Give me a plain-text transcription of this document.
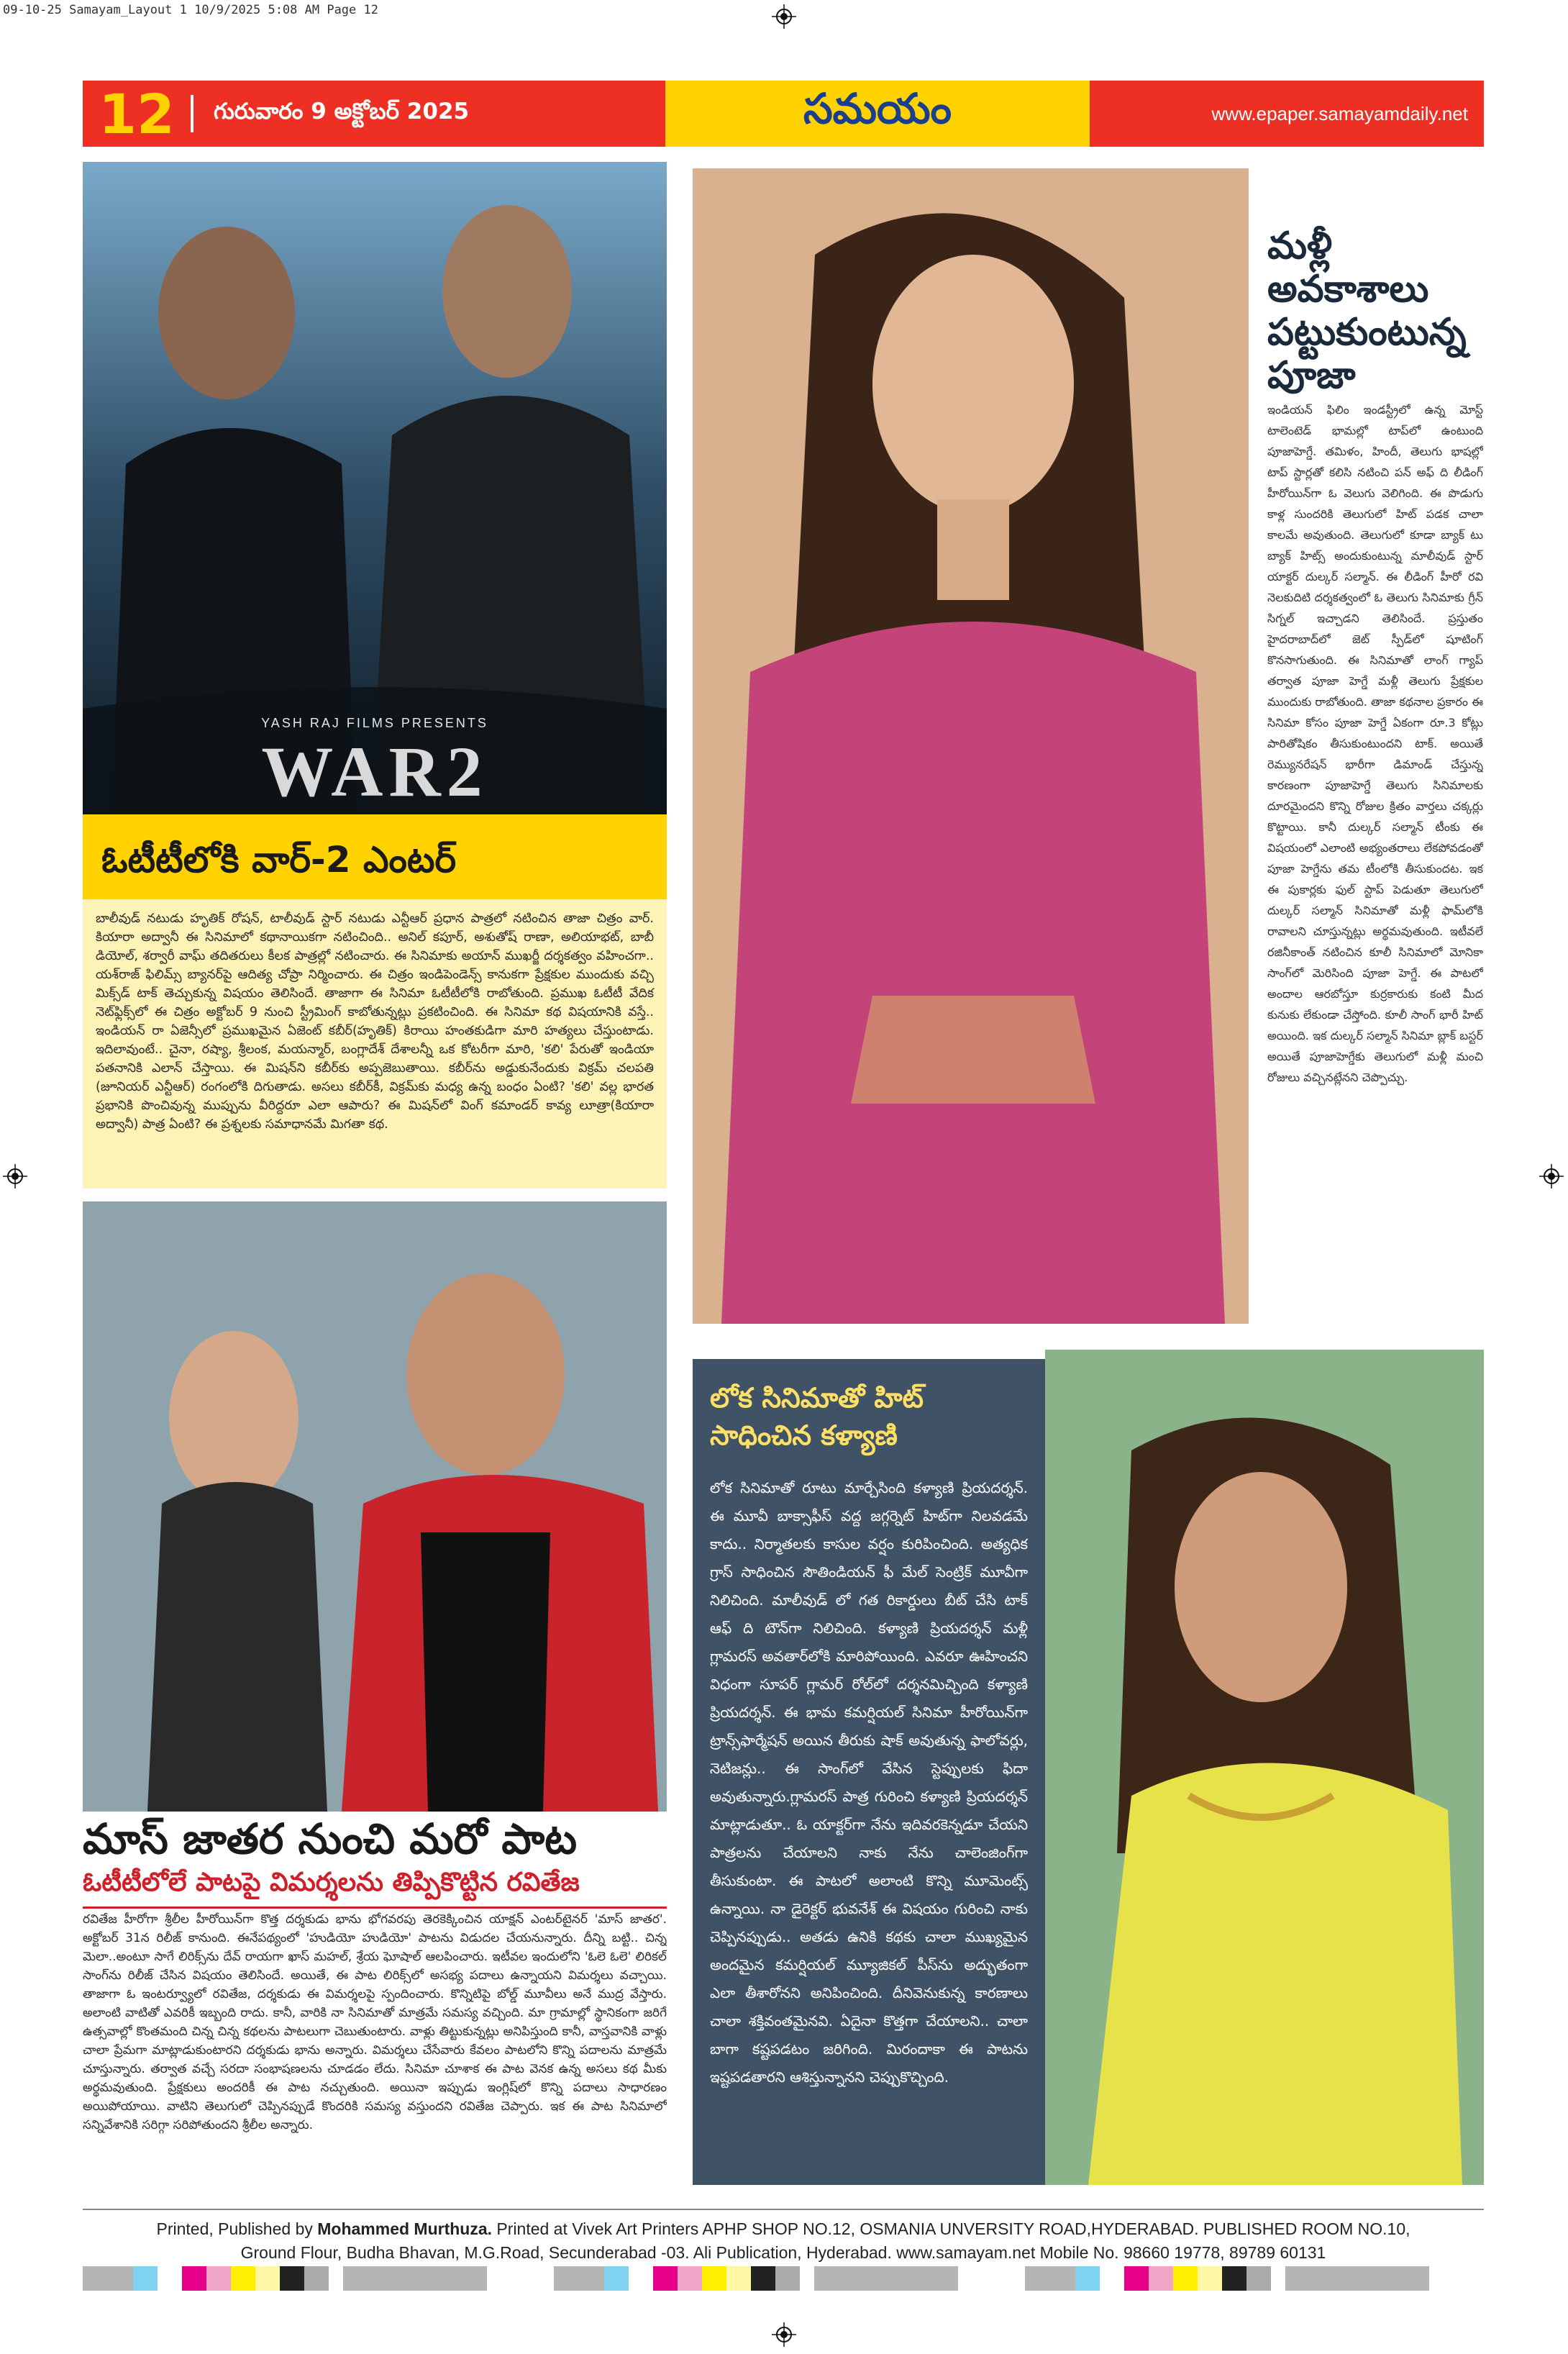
09-10-25 Samayam_Layout 1 10/9/2025 5:08 AM Page 12
12	గురువారం 9 అక్టోబర్ 2025	సమయం	www.epaper.samayamdaily.net
YASH RAJ FILMS PRESENTS
WAR2
ఓటీటీలోకి వార్-2 ఎంటర్
బాలీవుడ్ నటుడు హృతిక్ రోషన్, టాలీవుడ్ స్టార్ నటుడు ఎన్టీఆర్ ప్రధాన పాత్రలో నటించిన తాజా చిత్రం వార్. కియారా అద్వానీ ఈ సినిమాలో కథానాయికగా నటించింది.. అనిల్ కపూర్, అశుతోష్ రాణా, అలియాభట్, బాబీ డియోల్, శర్వారీ వాఘ్ తదితరులు కీలక పాత్రల్లో నటించారు. ఈ సినిమాకు అయాన్ ముఖర్జీ దర్శకత్వం వహించగా.. యశ్‌రాజ్ ఫిలిమ్స్ బ్యానర్‌పై ఆదిత్య చోప్రా నిర్మించారు. ఈ చిత్రం ఇండిపెండెన్స్ కానుకగా ప్రేక్షకుల ముందుకు వచ్చి మిక్స్‌డ్ టాక్ తెచ్చుకున్న విషయం తెలిసిందే. తాజాగా ఈ సినిమా ఓటీటీలోకి రాబోతుంది. ప్రముఖ ఓటీటీ వేదిక నెట్‌ఫ్లిక్స్‌లో ఈ చిత్రం అక్టోబర్ 9 నుంచి స్ట్రీమింగ్ కాబోతున్నట్లు ప్రకటించింది. ఈ సినిమా కథ విషయానికి వస్తే.. ఇండియన్ రా ఏజెన్సీలో ప్రముఖమైన ఏజెంట్ కబీర్(హృతిక్) కిరాయి హంతకుడిగా మారి హత్యలు చేస్తుంటాడు. ఇదిలావుంటే.. చైనా, రష్యా, శ్రీలంక, మయన్మార్, బంగ్లాదేశ్ దేశాలన్నీ ఒక కోటరీగా మారి, 'కలి' పేరుతో ఇండియా పతనానికి ఎలాన్ చేస్తాయి. ఈ మిషన్‌ని కబీర్‌కు అప్పజెబుతాయి. కబీర్‌ను అడ్డుకునేందుకు విక్రమ్ చలపతి (జూనియర్ ఎన్టీఆర్) రంగంలోకి దిగుతాడు. అసలు కబీర్‌కీ, విక్రమ్‌కు మధ్య ఉన్న బంధం ఏంటి? 'కలి' వల్ల భారత ప్రభానికి పొంచివున్న ముప్పును వీరిద్దరూ ఎలా ఆపారు? ఈ మిషన్‌లో వింగ్ కమాండర్ కావ్య లూత్రా(కియారా అద్వానీ) పాత్ర ఏంటి? ఈ ప్రశ్నలకు సమాధానమే మిగతా కథ.
మళ్లీ అవకాశాలు పట్టుకుంటున్న పూజా
ఇండియన్ ఫిలిం ఇండస్ట్రీలో ఉన్న మోస్ట్ టాలెంటెడ్ భామల్లో టాప్‌లో ఉంటుంది పూజాహెగ్డే. తమిళం, హిందీ, తెలుగు భాషల్లో టాప్ స్టార్లతో కలిసి నటించి పన్ అఫ్ ది లీడింగ్ హీరోయిన్‌గా ఓ వెలుగు వెలిగింది. ఈ పొడుగు కాళ్ల సుందరికి తెలుగులో హిట్ పడక చాలా కాలమే అవుతుంది. తెలుగులో కూడా బ్యాక్ టు బ్యాక్ హిట్స్ అందుకుంటున్న మాలీవుడ్ స్టార్ యాక్టర్ దుల్కర్ సల్మాన్. ఈ లీడింగ్ హీరో రవి నెలకుదిటి దర్శకత్వంలో ఓ తెలుగు సినిమాకు గ్రీన్ సిగ్నల్ ఇచ్చాడని తెలిసిందే. ప్రస్తుతం హైదరాబాద్‌లో జెట్ స్పీడ్‌లో షూటింగ్ కొనసాగుతుంది. ఈ సినిమాతో లాంగ్ గ్యాప్ తర్వాత పూజా హెగ్డే మళ్లీ తెలుగు ప్రేక్షకుల ముందుకు రాబోతుంది. తాజా కథనాల ప్రకారం ఈ సినిమా కోసం పూజా హెగ్డే ఏకంగా రూ.3 కోట్లు పారితోషికం తీసుకుంటుందని టాక్. అయితే రెమ్యునరేషన్ భారీగా డిమాండ్ చేస్తున్న కారణంగా పూజాహెగ్డే తెలుగు సినిమాలకు దూరమైందని కొన్ని రోజుల క్రితం వార్తలు చక్కర్లు కొట్టాయి. కానీ దుల్కర్ సల్మాన్ టీంకు ఈ విషయంలో ఎలాంటి అభ్యంతరాలు లేకపోవడంతో పూజా హెగ్డేను తమ టీంలోకి తీసుకుందట. ఇక ఈ పుకార్లకు ఫుల్ స్టాప్ పెడుతూ తెలుగులో దుల్కర్ సల్మాన్ సినిమాతో మళ్లీ ఫామ్‌లోకి రావాలని చూస్తున్నట్లు అర్థమవుతుంది. ఇటీవలే రజినీకాంత్ నటించిన కూలీ సినిమాలో మోనికా సాంగ్‌లో మెరిసింది పూజా హెగ్డే. ఈ పాటలో అందాల ఆరబోస్తూ కుర్రకారుకు కంటి మీద కునుకు లేకుండా చేస్తోంది. కూలీ సాంగ్ భారీ హిట్ అయింది. ఇక దుల్కర్ సల్మాన్ సినిమా బ్లాక్ బస్టర్ అయితే పూజాహెగ్డేకు తెలుగులో మళ్లీ మంచి రోజులు వచ్చినట్లేనని చెప్పొచ్చు.
మాస్ జాతర నుంచి మరో పాట
ఓటీటీలోలే పాటపై విమర్శలను తిప్పికొట్టిన రవితేజ
రవితేజ హీరోగా శ్రీలీల హీరోయిన్‌గా కొత్త దర్శకుడు భాను భోగవరపు తెరకెక్కించిన యాక్షన్ ఎంటర్‌టైనర్ 'మాస్ జాతర'. అక్టోబర్ 31న రిలీజ్ కానుంది. ఈనేపథ్యంలో 'హుడియో హుడియో' పాటను విడుదల చేయనున్నారు. దీన్ని బట్టి.. చిన్న మెలా..అంటూ సాగే లిరిక్స్‌ను దేవ్ రాయగా ఖాస్ మహల్, శ్రేయ ఘోషాల్ ఆలపించారు. ఇటీవల ఇందులోని 'ఓలె ఓలె' లిరికల్ సాంగ్‌ను రిలీజ్ చేసిన విషయం తెలిసిందే. అయితే, ఈ పాట లిరిక్స్‌లో అసభ్య పదాలు ఉన్నాయని విమర్శలు వచ్చాయి. తాజాగా ఓ ఇంటర్వ్యూలో రవితేజ, దర్శకుడు ఈ విమర్శలపై స్పందించారు. కొన్నిటిపై బోల్డ్ మూవీలు అనే ముద్ర వేస్తారు. అలాంటి వాటితో ఎవరికీ ఇబ్బంది రాదు. కానీ, వారికి నా సినిమాతో మాత్రమే సమస్య వచ్చింది. మా గ్రామాల్లో స్థానికంగా జరిగే ఉత్సవాల్లో కొంతమంది చిన్న చిన్న కథలను పాటలుగా చెబుతుంటారు. వాళ్లు తిట్టుకున్నట్లు అనిపిస్తుంది కానీ, వాస్తవానికి వాళ్లు చాలా ప్రేమగా మాట్లాడుకుంటారని దర్శకుడు భాను అన్నారు. విమర్శలు చేసేవారు కేవలం పాటలోని కొన్ని పదాలను మాత్రమే చూస్తున్నారు. తర్వాత వచ్చే సరదా సంభాషణలను చూడడం లేదు. సినిమా చూశాక ఈ పాట వెనక ఉన్న అసలు కథ మీకు అర్థమవుతుంది. ప్రేక్షకులు అందరికీ ఈ పాట నచ్చుతుంది. అయినా ఇప్పుడు ఇంగ్లిష్‌లో కొన్ని పదాలు సాధారణం అయిపోయాయి. వాటిని తెలుగులో చెప్పినప్పుడే కొందరికి సమస్య వస్తుందని రవితేజ చెప్పారు. ఇక ఈ పాట సినిమాలో సన్నివేశానికి సరిగ్గా సరిపోతుందని శ్రీలీల అన్నారు.
లోక సినిమాతో హిట్ సాధించిన కళ్యాణి
లోక సినిమాతో రూటు మార్చేసింది కళ్యాణి ప్రియదర్శన్. ఈ మూవీ బాక్సాఫీస్ వద్ద జగ్గర్నెట్ హిట్‌గా నిలవడమే కాదు.. నిర్మాతలకు కాసుల వర్షం కురిపించింది. అత్యధిక గ్రాస్ సాధించిన సౌతిండియన్ ఫీ మేల్ సెంట్రిక్ మూవీగా నిలిచింది. మాలీవుడ్ లో గత రికార్డులు బీట్ చేసి టాక్ ఆఫ్ ది టౌన్‌గా నిలిచింది. కళ్యాణి ప్రియదర్శన్ మళ్లీ గ్లామరస్ అవతార్‌లోకి మారిపోయింది. ఎవరూ ఊహించని విధంగా సూపర్ గ్లామర్ రోల్‌లో దర్శనమిచ్చింది కళ్యాణి ప్రియదర్శన్. ఈ భామ కమర్షియల్ సినిమా హీరోయిన్‌గా ట్రాన్స్‌ఫార్మేషన్ అయిన తీరుకు షాక్ అవుతున్న ఫాలోవర్లు, నెటిజన్లు.. ఈ సాంగ్‌లో వేసిన స్టెప్పులకు ఫిదా అవుతున్నారు.గ్లామరస్ పాత్ర గురించి కళ్యాణి ప్రియదర్శన్ మాట్లాడుతూ.. ఓ యాక్టర్‌గా నేను ఇదివరకెన్నడూ చేయని పాత్రలను చేయాలని నాకు నేను చాలెంజింగ్‌గా తీసుకుంటా. ఈ పాటలో అలాంటి కొన్ని మూమెంట్స్ ఉన్నాయి. నా డైరెక్టర్ భువనేశ్ ఈ విషయం గురించి నాకు చెప్పినప్పుడు.. అతడు ఉనికి కథకు చాలా ముఖ్యమైన అందమైన కమర్షియల్ మ్యూజికల్ పీస్‌ను అద్భుతంగా ఎలా తీశారోనని అనిపించింది. దీనివెనుకున్న కారణాలు చాలా శక్తివంతమైనవి. ఏదైనా కొత్తగా చేయాలని.. చాలా బాగా కష్టపడటం జరిగింది. మిరందాకా ఈ పాటను ఇష్టపడతారని ఆశిస్తున్నానని చెప్పుకొచ్చింది.
Printed, Published by Mohammed Murthuza. Printed at Vivek Art Printers APHP SHOP NO.12, OSMANIA UNVERSITY ROAD,HYDERABAD. PUBLISHED ROOM NO.10,
Ground Flour, Budha Bhavan, M.G.Road, Secunderabad -03. Ali Publication, Hyderabad. www.samayam.net Mobile No. 98660 19778, 89789 60131
